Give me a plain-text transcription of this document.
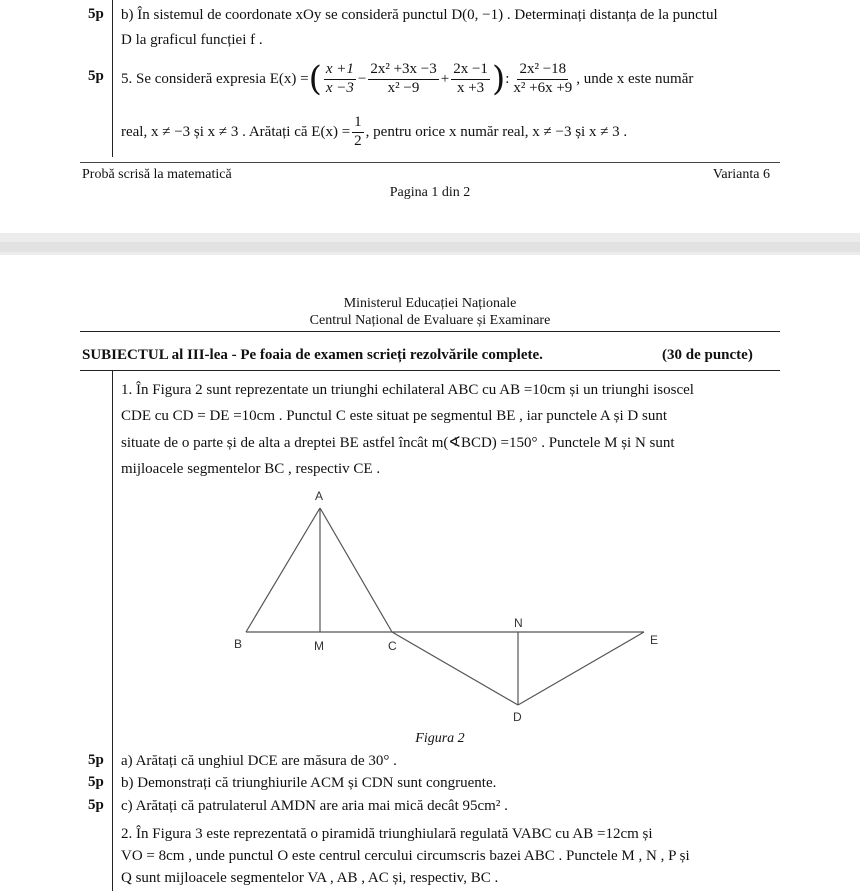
5p b) În sistemul de coordonate xOy se consideră punctul D(0, −1) . Determinați distanța de la punctul
D la graficul funcției f .
5p 5. Se consideră expresia E(x) = ( $\frac{x +1}{x -3} - \frac{\text{2x² +3x −3}}{\text{x² −9}} + \frac{2x -1}{x +3}$ ) : $\frac{\text{2x² −18}}{\text{x² +6x +9}}$ , unde x este număr
real, x ≠ −3 și x ≠ 3 . Arătați că $E(x) = \frac{1}{2}$ , pentru orice x număr real, x ≠ −3 și x ≠ 3 .
Probă scrisă la matematică	Varianta 6
Pagina 1 din 2
Ministerul Educației Naționale
Centrul Național de Evaluare și Examinare
SUBIECTUL al III-lea - Pe foaia de examen scrieți rezolvările complete.	(30 de puncte)
1. În Figura 2 sunt reprezentate un triunghi echilateral ABC cu AB =10cm și un triunghi isoscel
CDE cu CD = DE =10cm . Punctul C este situat pe segmentul BE , iar punctele A și D sunt
situate de o parte și de alta a dreptei BE astfel încât m(∢BCD) =150° . Punctele M și N sunt
mijloacele segmentelor BC , respectiv CE .
A
B	M	C
N
E
D
Figura 2
5p a) Arătați că unghiul DCE are măsura de 30° .
5p b) Demonstrați că triunghiurile ACM și CDN sunt congruente.
5p c) Arătați că patrulaterul AMDN are aria mai mică decât 95cm² .
2. În Figura 3 este reprezentată o piramidă triunghiulară regulată VABC cu AB =12cm și
VO = 8cm , unde punctul O este centrul cercului circumscris bazei ABC . Punctele M , N , P și
Q sunt mijloacele segmentelor VA , AB , AC și, respectiv, BC .
